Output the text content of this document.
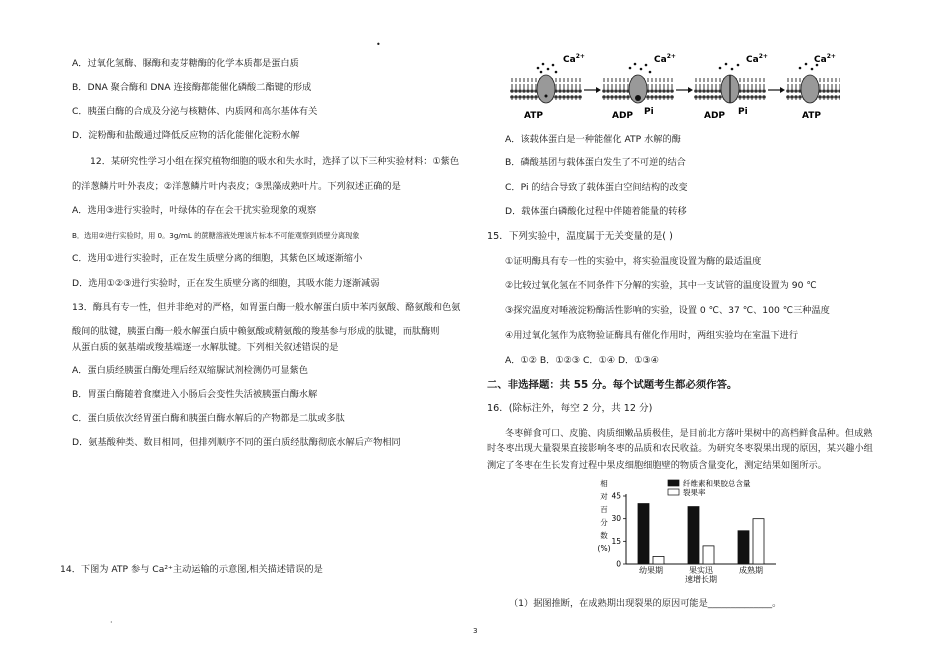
•
A．过氧化氢酶、脲酶和麦芽糖酶的化学本质都是蛋白质
B．DNA 聚合酶和 DNA 连接酶都能催化磷酸二酯键的形成
C．胰蛋白酶的合成及分泌与核糖体、内质网和高尔基体有关
D．淀粉酶和盐酸通过降低反应物的活化能催化淀粉水解
12．某研究性学习小组在探究植物细胞的吸水和失水时，选择了以下三种实验材料：①紫色
的洋葱鳞片叶外表皮；②洋葱鳞片叶内表皮；③黑藻成熟叶片。下列叙述正确的是
A．选用③进行实验时，叶绿体的存在会干扰实验现象的观察
B．选用②进行实验时，用 0。3g/mL 的蔗糖溶液处理该片标本不可能观察到质壁分离现象
C．选用①进行实验时，正在发生质壁分离的细胞，其紫色区域逐渐缩小
D．选用①②③进行实验时，正在发生质壁分离的细胞，其吸水能力逐渐减弱
13．酶具有专一性，但并非绝对的严格，如胃蛋白酶一般水解蛋白质中苯丙氨酸、酪氨酸和色氨
酸间的肽键，胰蛋白酶一般水解蛋白质中赖氨酸或精氨酸的羧基参与形成的肽键，而肽酶则
从蛋白质的氨基端或羧基端逐一水解肽键。下列相关叙述错误的是
A．蛋白质经胰蛋白酶处理后经双缩脲试剂检测仍可显紫色
B．胃蛋白酶随着食糜进入小肠后会变性失活被胰蛋白酶水解
C．蛋白质依次经胃蛋白酶和胰蛋白酶水解后的产物都是二肽或多肽
D．氨基酸种类、数目相同，但排列顺序不同的蛋白质经肽酶彻底水解后产物相同
14．下图为 ATP 参与 Ca²⁺主动运输的示意图,相关描述错误的是
·
$Ca^{2+}$
ATP
$Ca^{2+}$
ADP Pi
$Ca^{2+}$
ADP Pi
$Ca^{2+}$
ATP
A．该载体蛋白是一种能催化 ATP 水解的酶
B．磷酸基团与载体蛋白发生了不可逆的结合
C．Pi 的结合导致了载体蛋白空间结构的改变
D．载体蛋白磷酸化过程中伴随着能量的转移
15．下列实验中，温度属于无关变量的是( )
①证明酶具有专一性的实验中，将实验温度设置为酶的最适温度
②比较过氧化氢在不同条件下分解的实验，其中一支试管的温度设置为 90 ℃
③探究温度对唾液淀粉酶活性影响的实验，设置 0 ℃、37 ℃、100 ℃三种温度
④用过氧化氢作为底物验证酶具有催化作用时，两组实验均在室温下进行
A．①② B．①②③ C．①④ D．①③④
二、非选择题：共 55 分。每个试题考生都必须作答。
16．(除标注外，每空 2 分，共 12 分)
冬枣鲜食可口、皮脆、肉质细嫩品质极佳，是目前北方落叶果树中的高档鲜食品种。但成熟
时冬枣出现大量裂果直接影响冬枣的品质和农民收益。为研究冬枣裂果出现的原因，某兴趣小组
测定了冬枣在生长发育过程中果皮细胞细胞壁的物质含量变化，测定结果如图所示。
相
对
百
分
数
(%)
0
15
30
45
幼果期	果实迅
速增长期
成熟期
纤维素和果胶总含量
裂果率
（1）据图推断，在成熟期出现裂果的原因可能是______________。
3
